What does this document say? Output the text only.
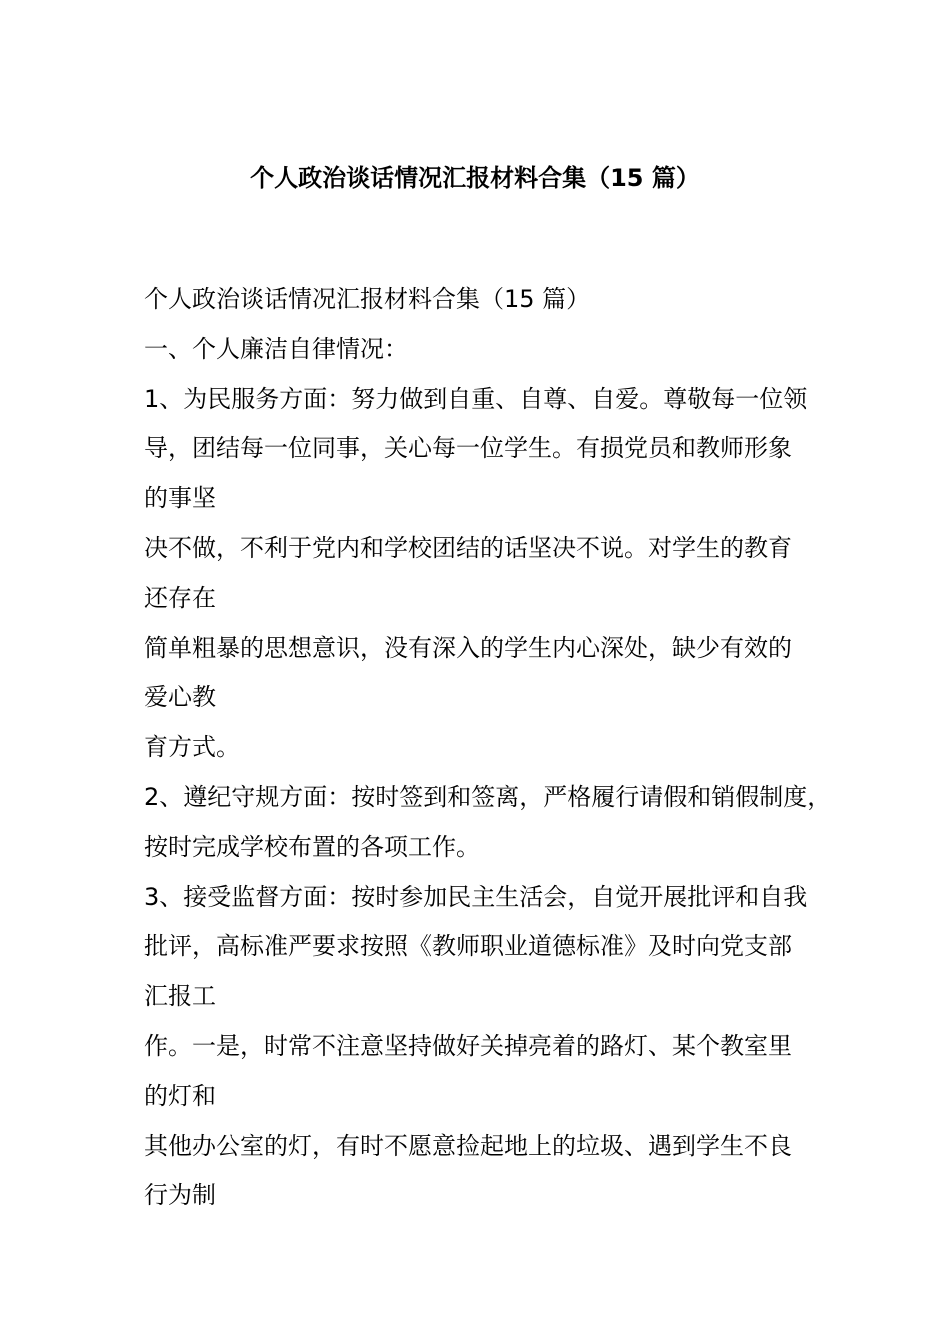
个人政治谈话情况汇报材料合集（15 篇）
个人政治谈话情况汇报材料合集（15 篇）
一、个人廉洁自律情况：
1、为民服务方面：努力做到自重、自尊、自爱。尊敬每一位领
导，团结每一位同事，关心每一位学生。有损党员和教师形象
的事坚
决不做，不利于党内和学校团结的话坚决不说。对学生的教育
还存在
简单粗暴的思想意识，没有深入的学生内心深处，缺少有效的
爱心教
育方式。
2、遵纪守规方面：按时签到和签离，严格履行请假和销假制度，
按时完成学校布置的各项工作。
3、接受监督方面：按时参加民主生活会，自觉开展批评和自我
批评，高标准严要求按照《教师职业道德标准》及时向党支部
汇报工
作。一是，时常不注意坚持做好关掉亮着的路灯、某个教室里
的灯和
其他办公室的灯，有时不愿意捡起地上的垃圾、遇到学生不良
行为制
